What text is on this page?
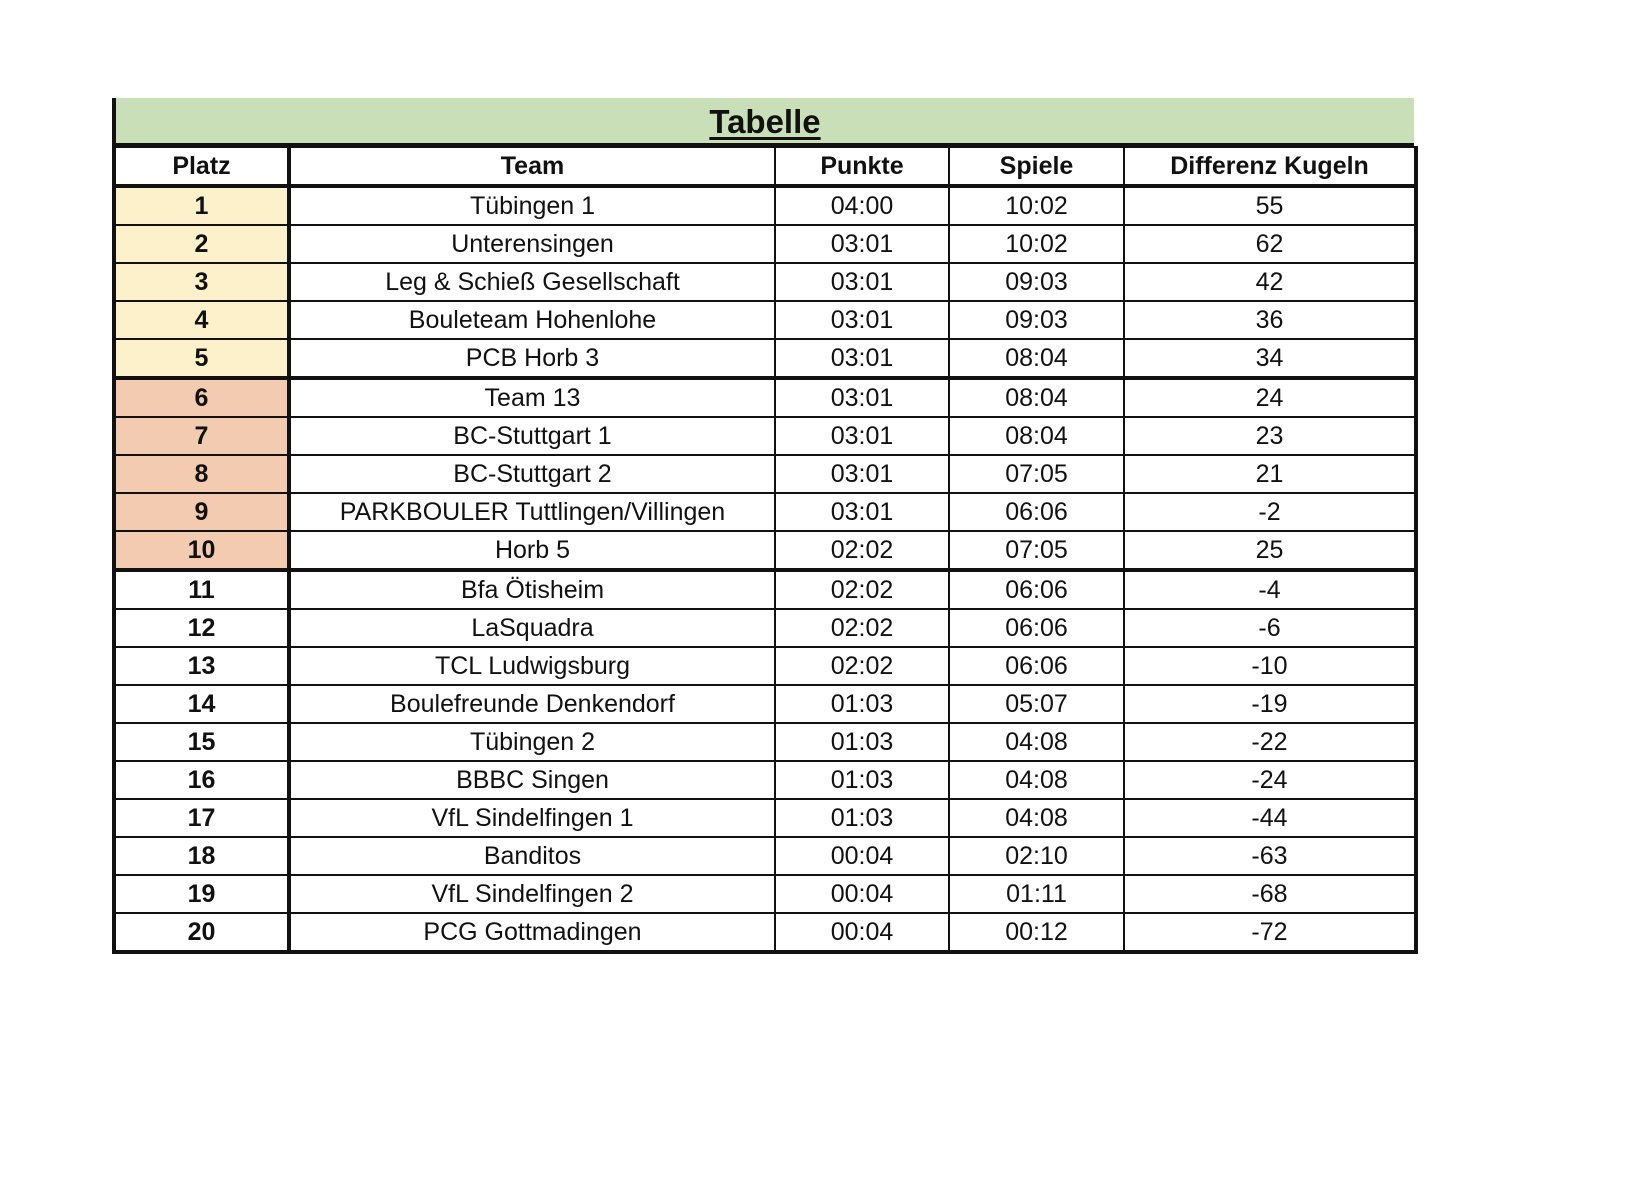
Tabelle
Platz	Team	Punkte	Spiele	Differenz Kugeln
1	Tübingen 1	04:00	10:02	55
2	Unterensingen	03:01	10:02	62
3	Leg & Schieß Gesellschaft	03:01	09:03	42
4	Bouleteam Hohenlohe	03:01	09:03	36
5	PCB Horb 3	03:01	08:04	34
6	Team 13	03:01	08:04	24
7	BC-Stuttgart 1	03:01	08:04	23
8	BC-Stuttgart 2	03:01	07:05	21
9	PARKBOULER Tuttlingen/Villingen	03:01	06:06	-2
10	Horb 5	02:02	07:05	25
11	Bfa Ötisheim	02:02	06:06	-4
12	LaSquadra	02:02	06:06	-6
13	TCL Ludwigsburg	02:02	06:06	-10
14	Boulefreunde Denkendorf	01:03	05:07	-19
15	Tübingen 2	01:03	04:08	-22
16	BBBC Singen	01:03	04:08	-24
17	VfL Sindelfingen 1	01:03	04:08	-44
18	Banditos	00:04	02:10	-63
19	VfL Sindelfingen 2	00:04	01:11	-68
20	PCG Gottmadingen	00:04	00:12	-72
